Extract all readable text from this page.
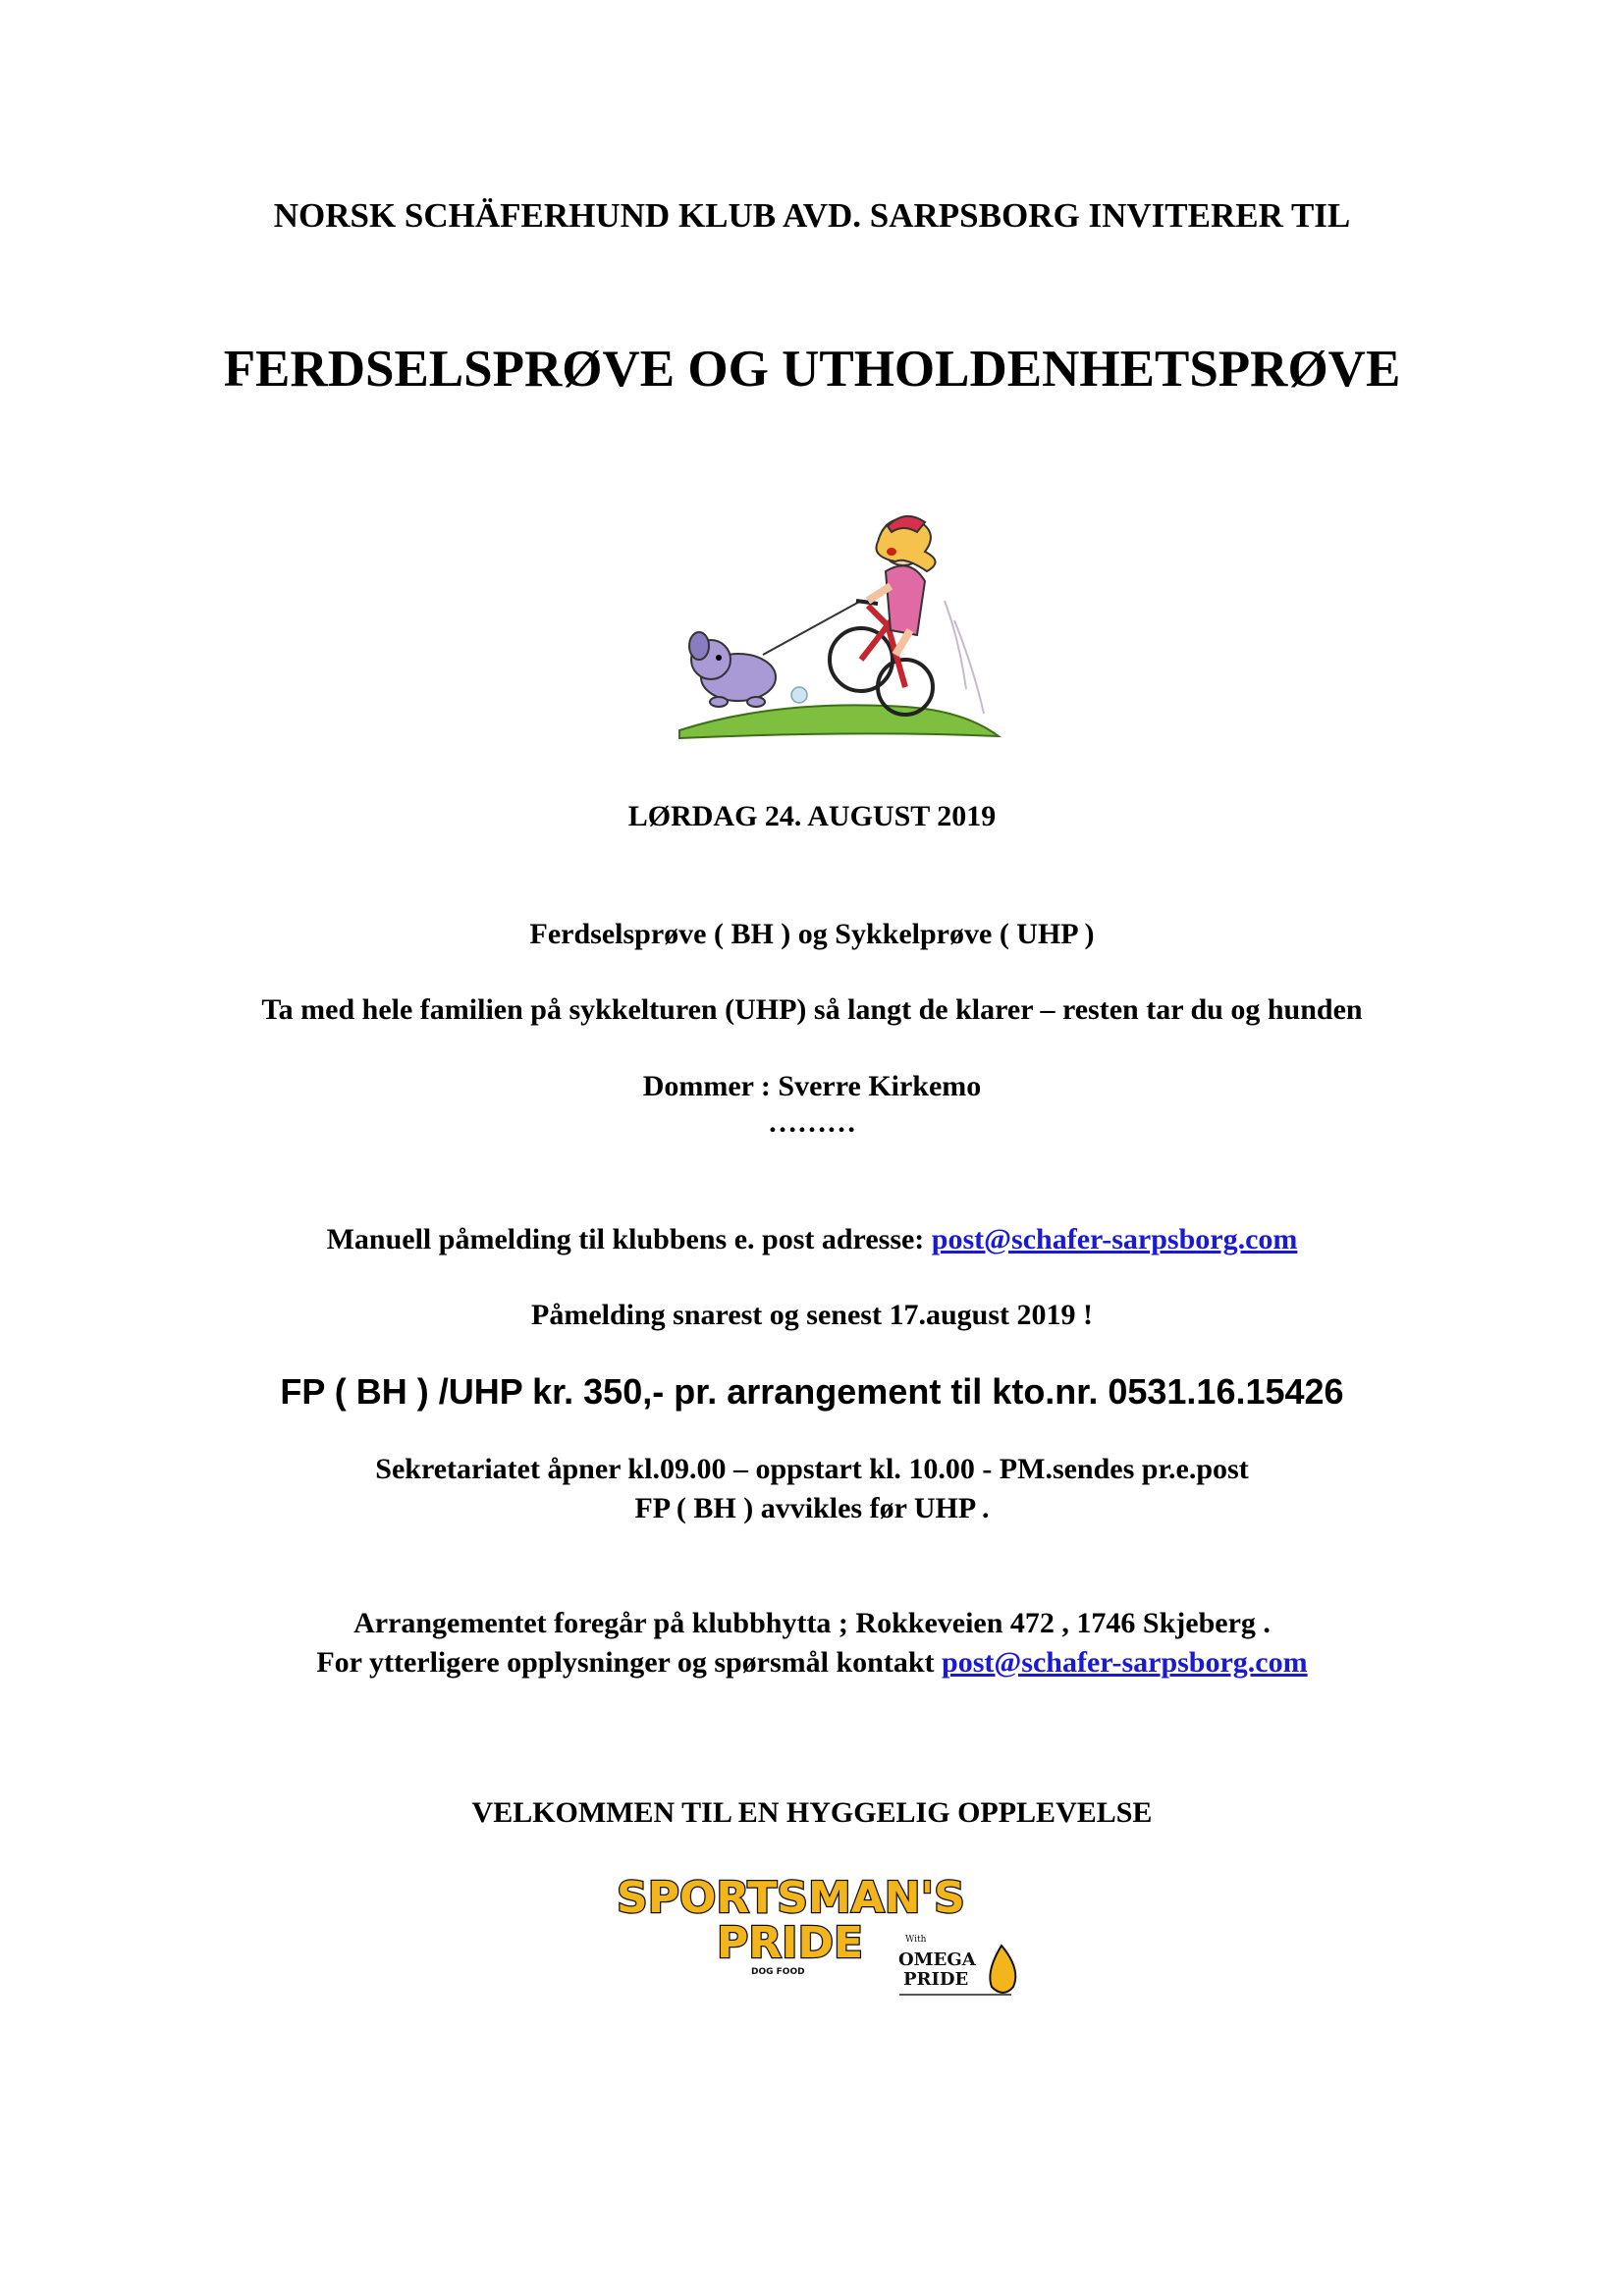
NORSK SCHÄFERHUND KLUB AVD. SARPSBORG INVITERER TIL
FERDSELSPRØVE OG UTHOLDENHETSPRØVE
LØRDAG 24. AUGUST 2019
Ferdselsprøve ( BH ) og Sykkelprøve ( UHP )
Ta med hele familien på sykkelturen (UHP) så langt de klarer – resten tar du og hunden
Dommer : Sverre Kirkemo
………
Manuell påmelding til klubbens e. post adresse: post@schafer-sarpsborg.com
Påmelding snarest og senest 17.august 2019 !
FP ( BH ) /UHP kr. 350,- pr. arrangement til kto.nr. 0531.16.15426
Sekretariatet åpner kl.09.00 – oppstart kl. 10.00 - PM.sendes pr.e.post
FP ( BH ) avvikles før UHP .
Arrangementet foregår på klubbhytta ; Rokkeveien 472 , 1746 Skjeberg .
For ytterligere opplysninger og spørsmål kontakt post@schafer-sarpsborg.com
VELKOMMEN TIL EN HYGGELIG OPPLEVELSE
SPORTSMAN'S
PRIDE
DOG FOOD
With
OMEGA
PRIDE
